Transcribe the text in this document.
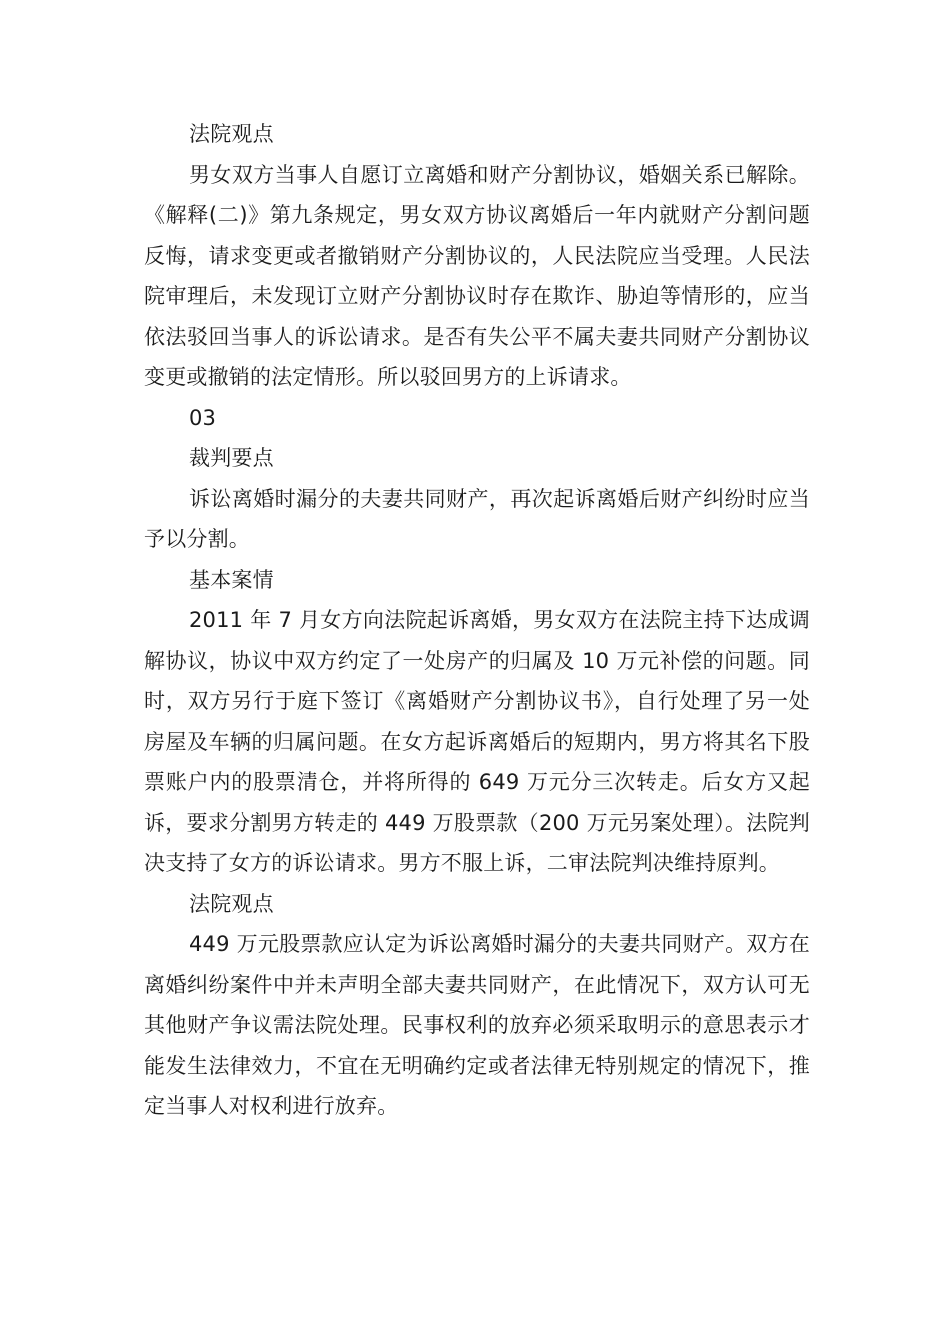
法院观点

男女双方当事人自愿订立离婚和财产分割协议，婚姻关系已解除。《解释(二)》第九条规定，男女双方协议离婚后一年内就财产分割问题反悔，请求变更或者撤销财产分割协议的，人民法院应当受理。人民法院审理后，未发现订立财产分割协议时存在欺诈、胁迫等情形的，应当依法驳回当事人的诉讼请求。是否有失公平不属夫妻共同财产分割协议变更或撤销的法定情形。所以驳回男方的上诉请求。

03

裁判要点

诉讼离婚时漏分的夫妻共同财产，再次起诉离婚后财产纠纷时应当予以分割。

基本案情

2011 年 7 月女方向法院起诉离婚，男女双方在法院主持下达成调解协议，协议中双方约定了一处房产的归属及 10 万元补偿的问题。同时，双方另行于庭下签订《离婚财产分割协议书》，自行处理了另一处房屋及车辆的归属问题。在女方起诉离婚后的短期内，男方将其名下股票账户内的股票清仓，并将所得的 649 万元分三次转走。后女方又起诉，要求分割男方转走的 449 万股票款（200 万元另案处理）。法院判决支持了女方的诉讼请求。男方不服上诉，二审法院判决维持原判。

法院观点

449 万元股票款应认定为诉讼离婚时漏分的夫妻共同财产。双方在离婚纠纷案件中并未声明全部夫妻共同财产，在此情况下，双方认可无其他财产争议需法院处理。民事权利的放弃必须采取明示的意思表示才能发生法律效力，不宜在无明确约定或者法律无特别规定的情况下，推定当事人对权利进行放弃。
